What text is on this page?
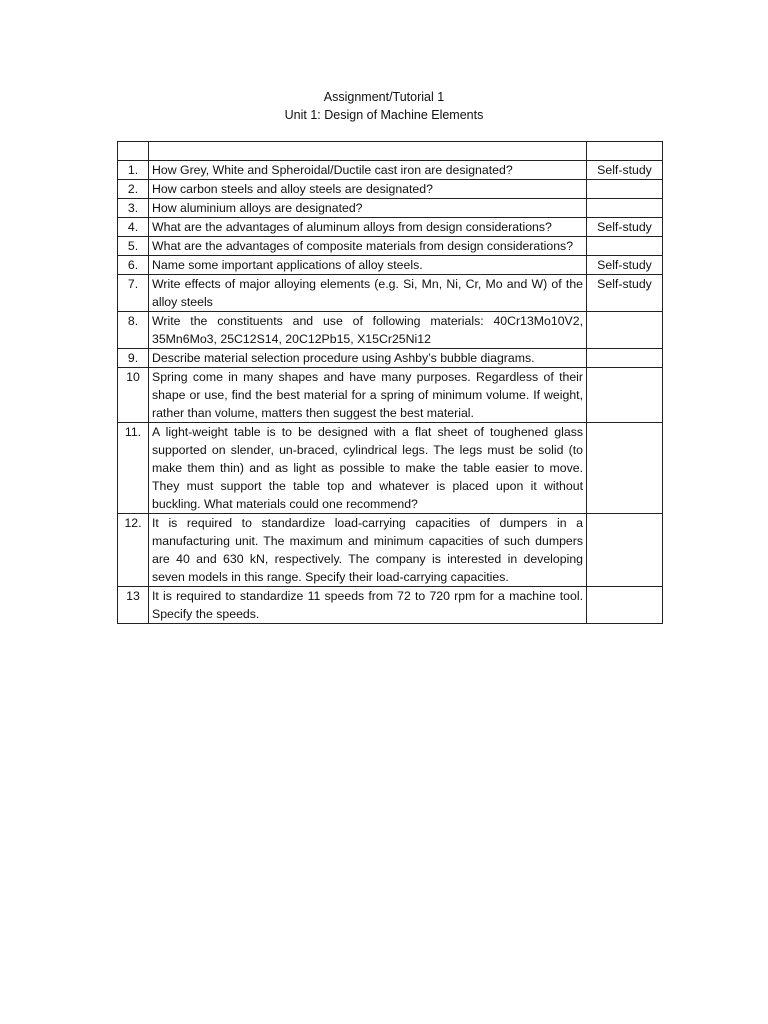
Assignment/Tutorial 1
Unit 1: Design of Machine Elements

1.	How Grey, White and Spheroidal/Ductile cast iron are designated?	Self-study
2.	How carbon steels and alloy steels are designated?	
3.	How aluminium alloys are designated?	
4.	What are the advantages of aluminum alloys from design considerations?	Self-study
5.	What are the advantages of composite materials from design considerations?	
6.	Name some important applications of alloy steels.	Self-study
7.	Write effects of major alloying elements (e.g. Si, Mn, Ni, Cr, Mo and W) of the alloy steels	Self-study
8.	Write the constituents and use of following materials: 40Cr13Mo10V2, 35Mn6Mo3, 25C12S14, 20C12Pb15, X15Cr25Ni12	
9.	Describe material selection procedure using Ashby’s bubble diagrams.	
10	Spring come in many shapes and have many purposes. Regardless of their shape or use, find the best material for a spring of minimum volume. If weight, rather than volume, matters then suggest the best material.	
11.	A light-weight table is to be designed with a flat sheet of toughened glass supported on slender, un-braced, cylindrical legs. The legs must be solid (to make them thin) and as light as possible to make the table easier to move. They must support the table top and whatever is placed upon it without buckling. What materials could one recommend?	
12.	It is required to standardize load-carrying capacities of dumpers in a manufacturing unit. The maximum and minimum capacities of such dumpers are 40 and 630 kN, respectively. The company is interested in developing seven models in this range. Specify their load-carrying capacities.	
13	It is required to standardize 11 speeds from 72 to 720 rpm for a machine tool. Specify the speeds.	
